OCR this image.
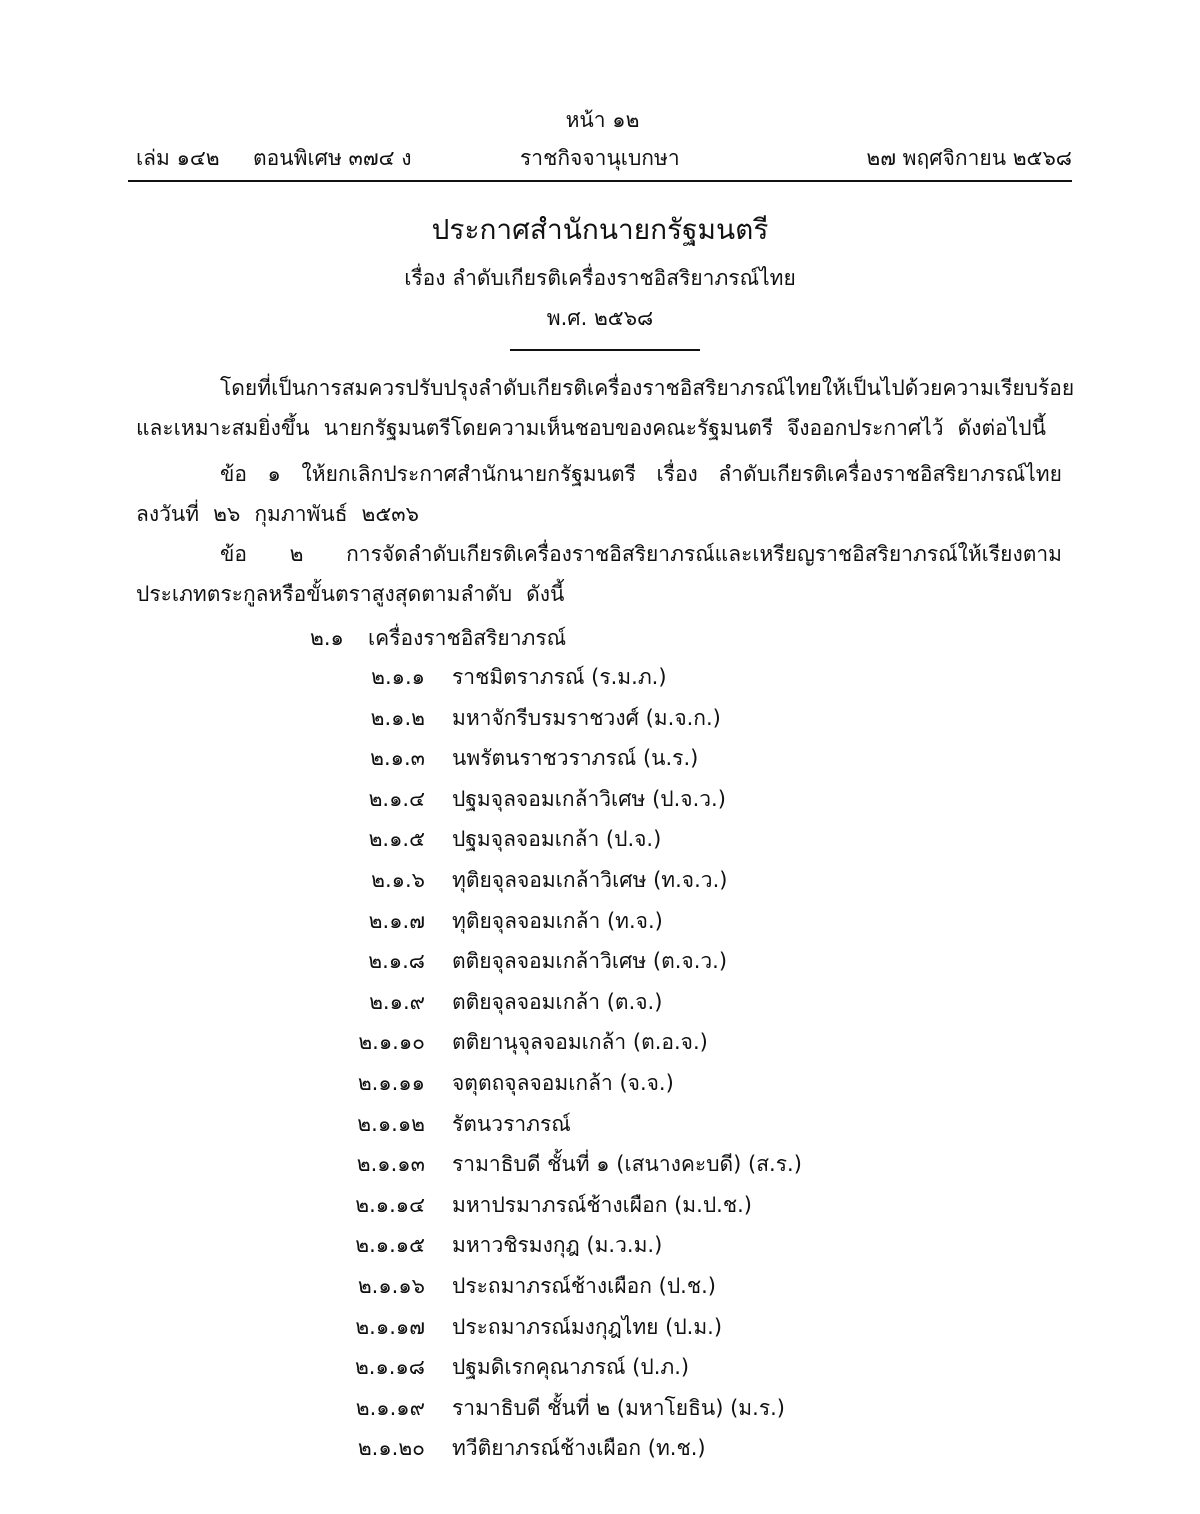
หน้า ๑๒
เล่ม ๑๔๒ ตอนพิเศษ ๓๗๔ ง	ราชกิจจานุเบกษา	๒๗ พฤศจิกายน ๒๕๖๘
ประกาศสำนักนายกรัฐมนตรี
เรื่อง ลำดับเกียรติเครื่องราชอิสริยาภรณ์ไทย
พ.ศ. ๒๕๖๘
โดยที่เป็นการสมควรปรับปรุงลำดับเกียรติเครื่องราชอิสริยาภรณ์ไทยให้เป็นไปด้วยความเรียบร้อย
และเหมาะสมยิ่งขึ้น นายกรัฐมนตรีโดยความเห็นชอบของคณะรัฐมนตรี จึงออกประกาศไว้ ดังต่อไปนี้
ข้อ ๑ ให้ยกเลิกประกาศสำนักนายกรัฐมนตรี เรื่อง ลำดับเกียรติเครื่องราชอิสริยาภรณ์ไทย
ลงวันที่ ๒๖ กุมภาพันธ์ ๒๕๓๖
ข้อ ๒ การจัดลำดับเกียรติเครื่องราชอิสริยาภรณ์และเหรียญราชอิสริยาภรณ์ให้เรียงตาม
ประเภทตระกูลหรือขั้นตราสูงสุดตามลำดับ ดังนี้
๒.๑ เครื่องราชอิสริยาภรณ์
๒.๑.๑ ราชมิตราภรณ์ (ร.ม.ภ.)
๒.๑.๒ มหาจักรีบรมราชวงศ์ (ม.จ.ก.)
๒.๑.๓ นพรัตนราชวราภรณ์ (น.ร.)
๒.๑.๔ ปฐมจุลจอมเกล้าวิเศษ (ป.จ.ว.)
๒.๑.๕ ปฐมจุลจอมเกล้า (ป.จ.)
๒.๑.๖ ทุติยจุลจอมเกล้าวิเศษ (ท.จ.ว.)
๒.๑.๗ ทุติยจุลจอมเกล้า (ท.จ.)
๒.๑.๘ ตติยจุลจอมเกล้าวิเศษ (ต.จ.ว.)
๒.๑.๙ ตติยจุลจอมเกล้า (ต.จ.)
๒.๑.๑๐ ตติยานุจุลจอมเกล้า (ต.อ.จ.)
๒.๑.๑๑ จตุตถจุลจอมเกล้า (จ.จ.)
๒.๑.๑๒ รัตนวราภรณ์
๒.๑.๑๓ รามาธิบดี ชั้นที่ ๑ (เสนางคะบดี) (ส.ร.)
๒.๑.๑๔ มหาปรมาภรณ์ช้างเผือก (ม.ป.ช.)
๒.๑.๑๕ มหาวชิรมงกุฎ (ม.ว.ม.)
๒.๑.๑๖ ประถมาภรณ์ช้างเผือก (ป.ช.)
๒.๑.๑๗ ประถมาภรณ์มงกุฎไทย (ป.ม.)
๒.๑.๑๘ ปฐมดิเรกคุณาภรณ์ (ป.ภ.)
๒.๑.๑๙ รามาธิบดี ชั้นที่ ๒ (มหาโยธิน) (ม.ร.)
๒.๑.๒๐ ทวีติยาภรณ์ช้างเผือก (ท.ช.)
